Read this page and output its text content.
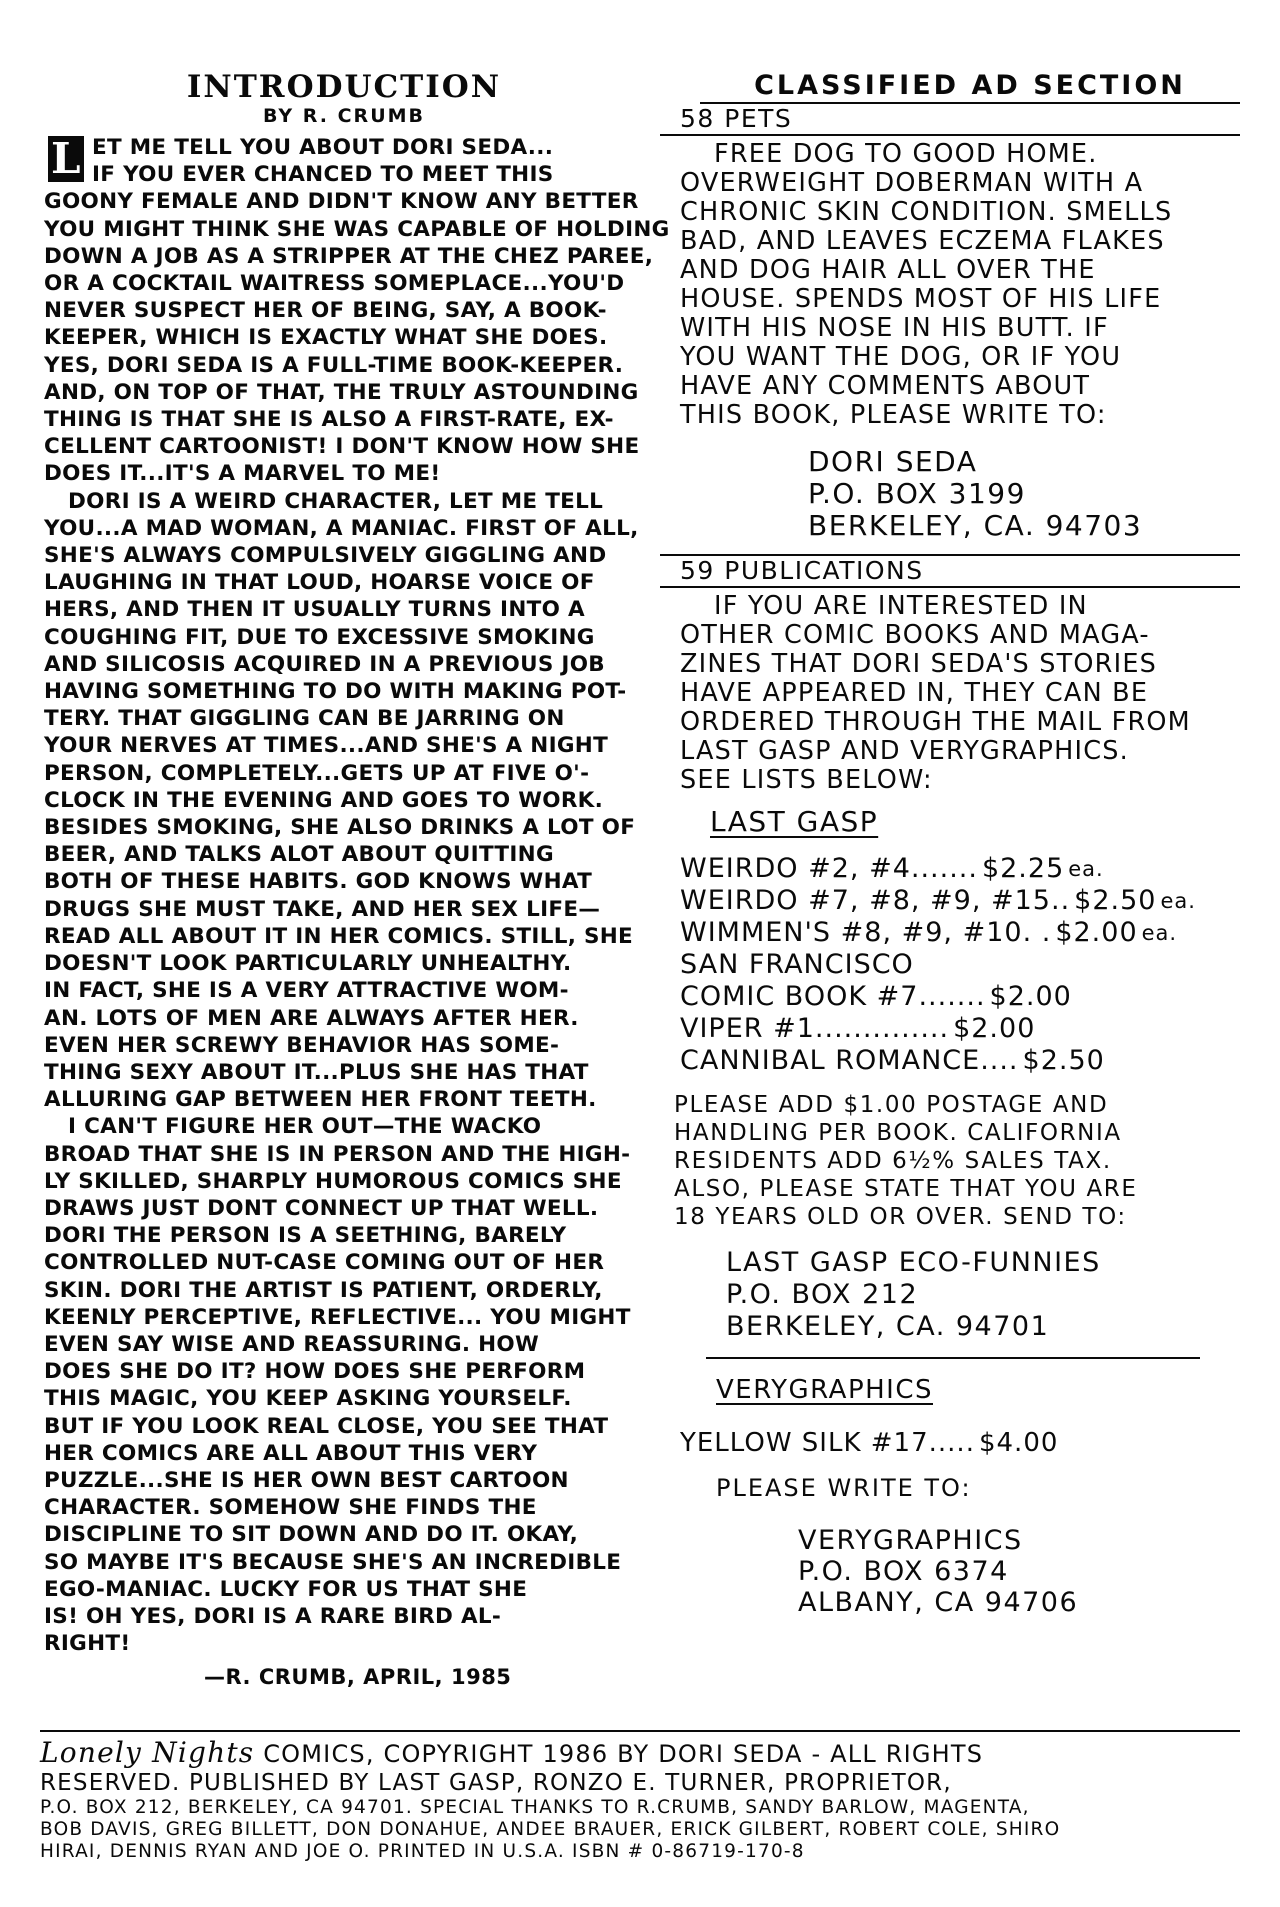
INTRODUCTION
BY R. CRUMB
L ET ME TELL YOU ABOUT DORI SEDA...
IF YOU EVER CHANCED TO MEET THIS
GOONY FEMALE AND DIDN'T KNOW ANY BETTER
YOU MIGHT THINK SHE WAS CAPABLE OF HOLDING
DOWN A JOB AS A STRIPPER AT THE CHEZ PAREE,
OR A COCKTAIL WAITRESS SOMEPLACE...YOU'D
NEVER SUSPECT HER OF BEING, SAY, A BOOK-
KEEPER, WHICH IS EXACTLY WHAT SHE DOES.
YES, DORI SEDA IS A FULL-TIME BOOK-KEEPER.
AND, ON TOP OF THAT, THE TRULY ASTOUNDING
THING IS THAT SHE IS ALSO A FIRST-RATE, EX-
CELLENT CARTOONIST! I DON'T KNOW HOW SHE
DOES IT...IT'S A MARVEL TO ME!
DORI IS A WEIRD CHARACTER, LET ME TELL
YOU...A MAD WOMAN, A MANIAC. FIRST OF ALL,
SHE'S ALWAYS COMPULSIVELY GIGGLING AND
LAUGHING IN THAT LOUD, HOARSE VOICE OF
HERS, AND THEN IT USUALLY TURNS INTO A
COUGHING FIT, DUE TO EXCESSIVE SMOKING
AND SILICOSIS ACQUIRED IN A PREVIOUS JOB
HAVING SOMETHING TO DO WITH MAKING POT-
TERY. THAT GIGGLING CAN BE JARRING ON
YOUR NERVES AT TIMES...AND SHE'S A NIGHT
PERSON, COMPLETELY...GETS UP AT FIVE O'-
CLOCK IN THE EVENING AND GOES TO WORK.
BESIDES SMOKING, SHE ALSO DRINKS A LOT OF
BEER, AND TALKS ALOT ABOUT QUITTING
BOTH OF THESE HABITS. GOD KNOWS WHAT
DRUGS SHE MUST TAKE, AND HER SEX LIFE—
READ ALL ABOUT IT IN HER COMICS. STILL, SHE
DOESN'T LOOK PARTICULARLY UNHEALTHY.
IN FACT, SHE IS A VERY ATTRACTIVE WOM-
AN. LOTS OF MEN ARE ALWAYS AFTER HER.
EVEN HER SCREWY BEHAVIOR HAS SOME-
THING SEXY ABOUT IT...PLUS SHE HAS THAT
ALLURING GAP BETWEEN HER FRONT TEETH.
I CAN'T FIGURE HER OUT—THE WACKO
BROAD THAT SHE IS IN PERSON AND THE HIGH-
LY SKILLED, SHARPLY HUMOROUS COMICS SHE
DRAWS JUST DONT CONNECT UP THAT WELL.
DORI THE PERSON IS A SEETHING, BARELY
CONTROLLED NUT-CASE COMING OUT OF HER
SKIN. DORI THE ARTIST IS PATIENT, ORDERLY,
KEENLY PERCEPTIVE, REFLECTIVE... YOU MIGHT
EVEN SAY WISE AND REASSURING. HOW
DOES SHE DO IT? HOW DOES SHE PERFORM
THIS MAGIC, YOU KEEP ASKING YOURSELF.
BUT IF YOU LOOK REAL CLOSE, YOU SEE THAT
HER COMICS ARE ALL ABOUT THIS VERY
PUZZLE...SHE IS HER OWN BEST CARTOON
CHARACTER. SOMEHOW SHE FINDS THE
DISCIPLINE TO SIT DOWN AND DO IT. OKAY,
SO MAYBE IT'S BECAUSE SHE'S AN INCREDIBLE
EGO-MANIAC. LUCKY FOR US THAT SHE
IS! OH YES, DORI IS A RARE BIRD AL-
RIGHT!
—R. CRUMB, APRIL, 1985
CLASSIFIED AD SECTION
58 PETS
FREE DOG TO GOOD HOME.
OVERWEIGHT DOBERMAN WITH A
CHRONIC SKIN CONDITION. SMELLS
BAD, AND LEAVES ECZEMA FLAKES
AND DOG HAIR ALL OVER THE
HOUSE. SPENDS MOST OF HIS LIFE
WITH HIS NOSE IN HIS BUTT. IF
YOU WANT THE DOG, OR IF YOU
HAVE ANY COMMENTS ABOUT
THIS BOOK, PLEASE WRITE TO:
DORI SEDA
P.O. BOX 3199
BERKELEY, CA. 94703
59 PUBLICATIONS
IF YOU ARE INTERESTED IN
OTHER COMIC BOOKS AND MAGA-
ZINES THAT DORI SEDA'S STORIES
HAVE APPEARED IN, THEY CAN BE
ORDERED THROUGH THE MAIL FROM
LAST GASP AND VERYGRAPHICS.
SEE LISTS BELOW:
LAST GASP
WEIRDO #2, #4 ....... $2.25 ea.
WEIRDO #7, #8, #9, #15 .. $2.50 ea.
WIMMEN'S #8, #9, #10 . . $2.00 ea.
SAN FRANCISCO
COMIC BOOK #7 ....... $2.00
VIPER #1 .............. $2.00
CANNIBAL ROMANCE .... $2.50
PLEASE ADD $1.00 POSTAGE AND
HANDLING PER BOOK. CALIFORNIA
RESIDENTS ADD 6½% SALES TAX.
ALSO, PLEASE STATE THAT YOU ARE
18 YEARS OLD OR OVER. SEND TO:
LAST GASP ECO-FUNNIES
P.O. BOX 212
BERKELEY, CA. 94701
VERYGRAPHICS
YELLOW SILK #17 ..... $4.00
PLEASE WRITE TO:
VERYGRAPHICS
P.O. BOX 6374
ALBANY, CA 94706
Lonely Nights COMICS, COPYRIGHT 1986 BY DORI SEDA - ALL RIGHTS
RESERVED. PUBLISHED BY LAST GASP, RONZO E. TURNER, PROPRIETOR,
P.O. BOX 212, BERKELEY, CA 94701. SPECIAL THANKS TO R.CRUMB, SANDY BARLOW, MAGENTA,
BOB DAVIS, GREG BILLETT, DON DONAHUE, ANDEE BRAUER, ERICK GILBERT, ROBERT COLE, SHIRO
HIRAI, DENNIS RYAN AND JOE O. PRINTED IN U.S.A. ISBN # 0-86719-170-8
